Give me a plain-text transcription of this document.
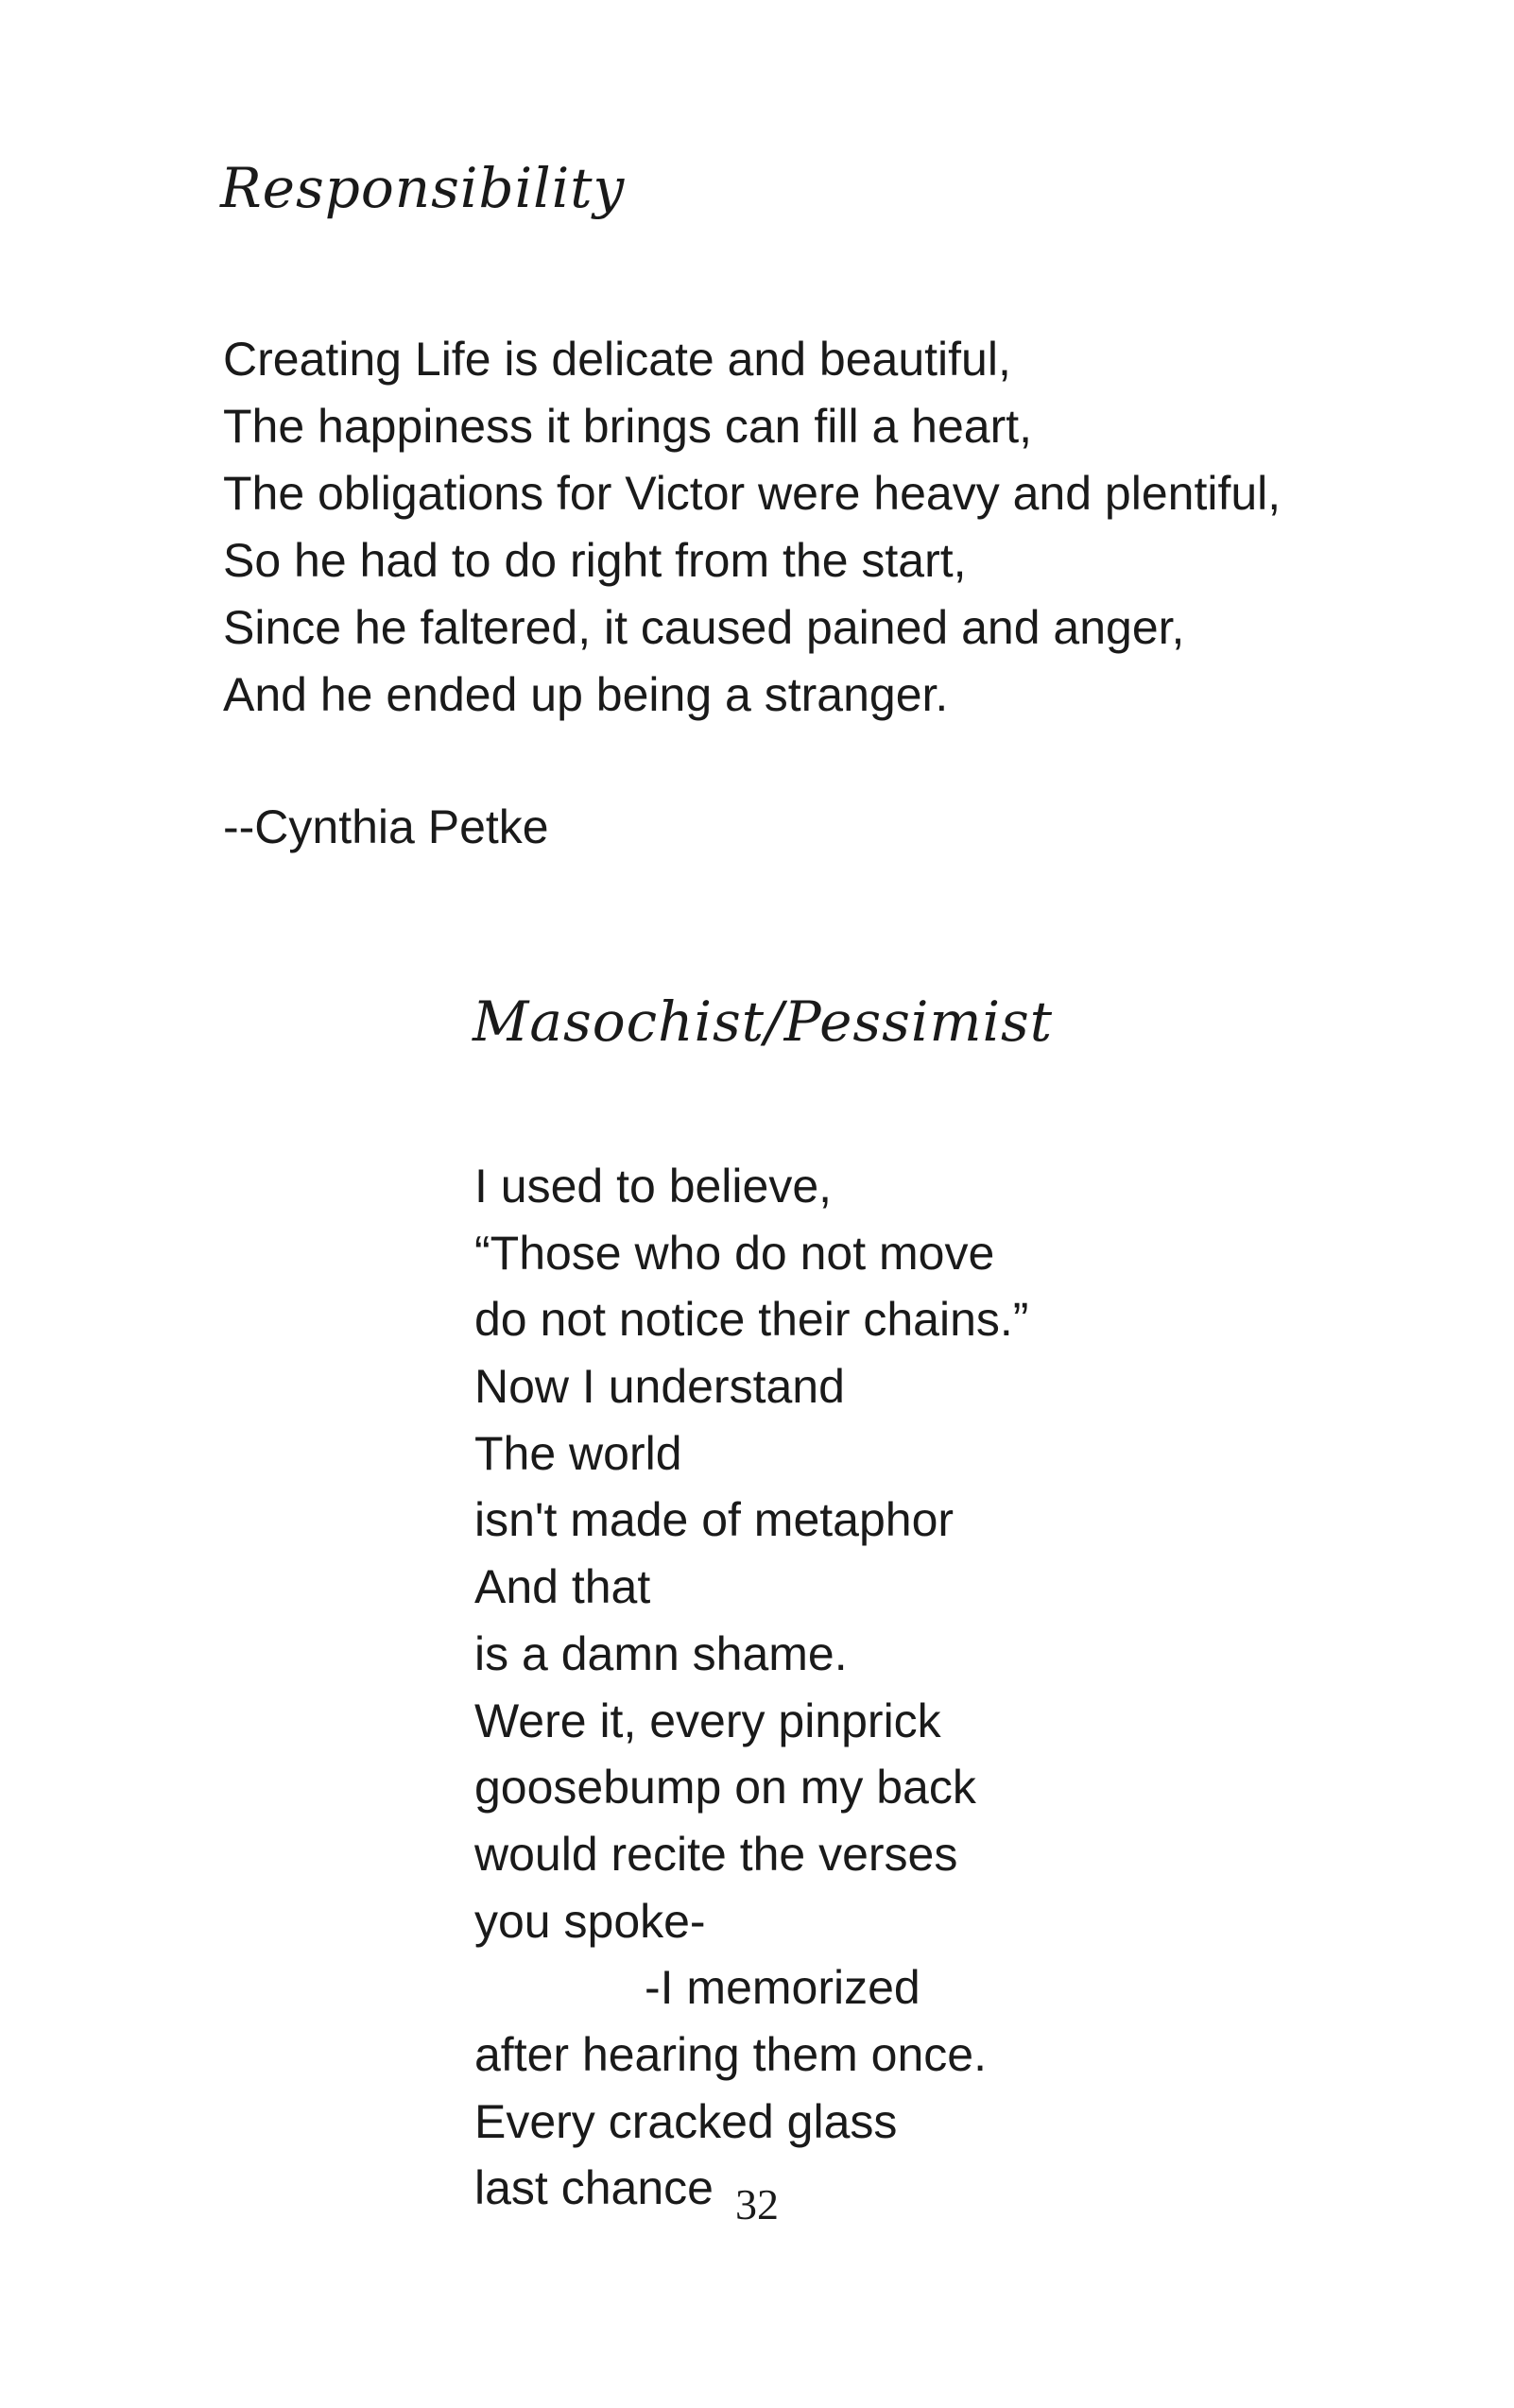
Responsibility
Creating Life is delicate and beautiful,
The happiness it brings can fill a heart,
The obligations for Victor were heavy and plentiful,
So he had to do right from the start,
Since he faltered, it caused pained and anger,
And he ended up being a stranger.

--Cynthia Petke

Masochist/Pessimist
I used to believe,
“Those who do not move
do not notice their chains.”
Now I understand
The world
isn't made of metaphor
And that
is a damn shame.
Were it, every pinprick
goosebump on my back
would recite the verses
you spoke-
-I memorized
after hearing them once.
Every cracked glass
last chance 32
